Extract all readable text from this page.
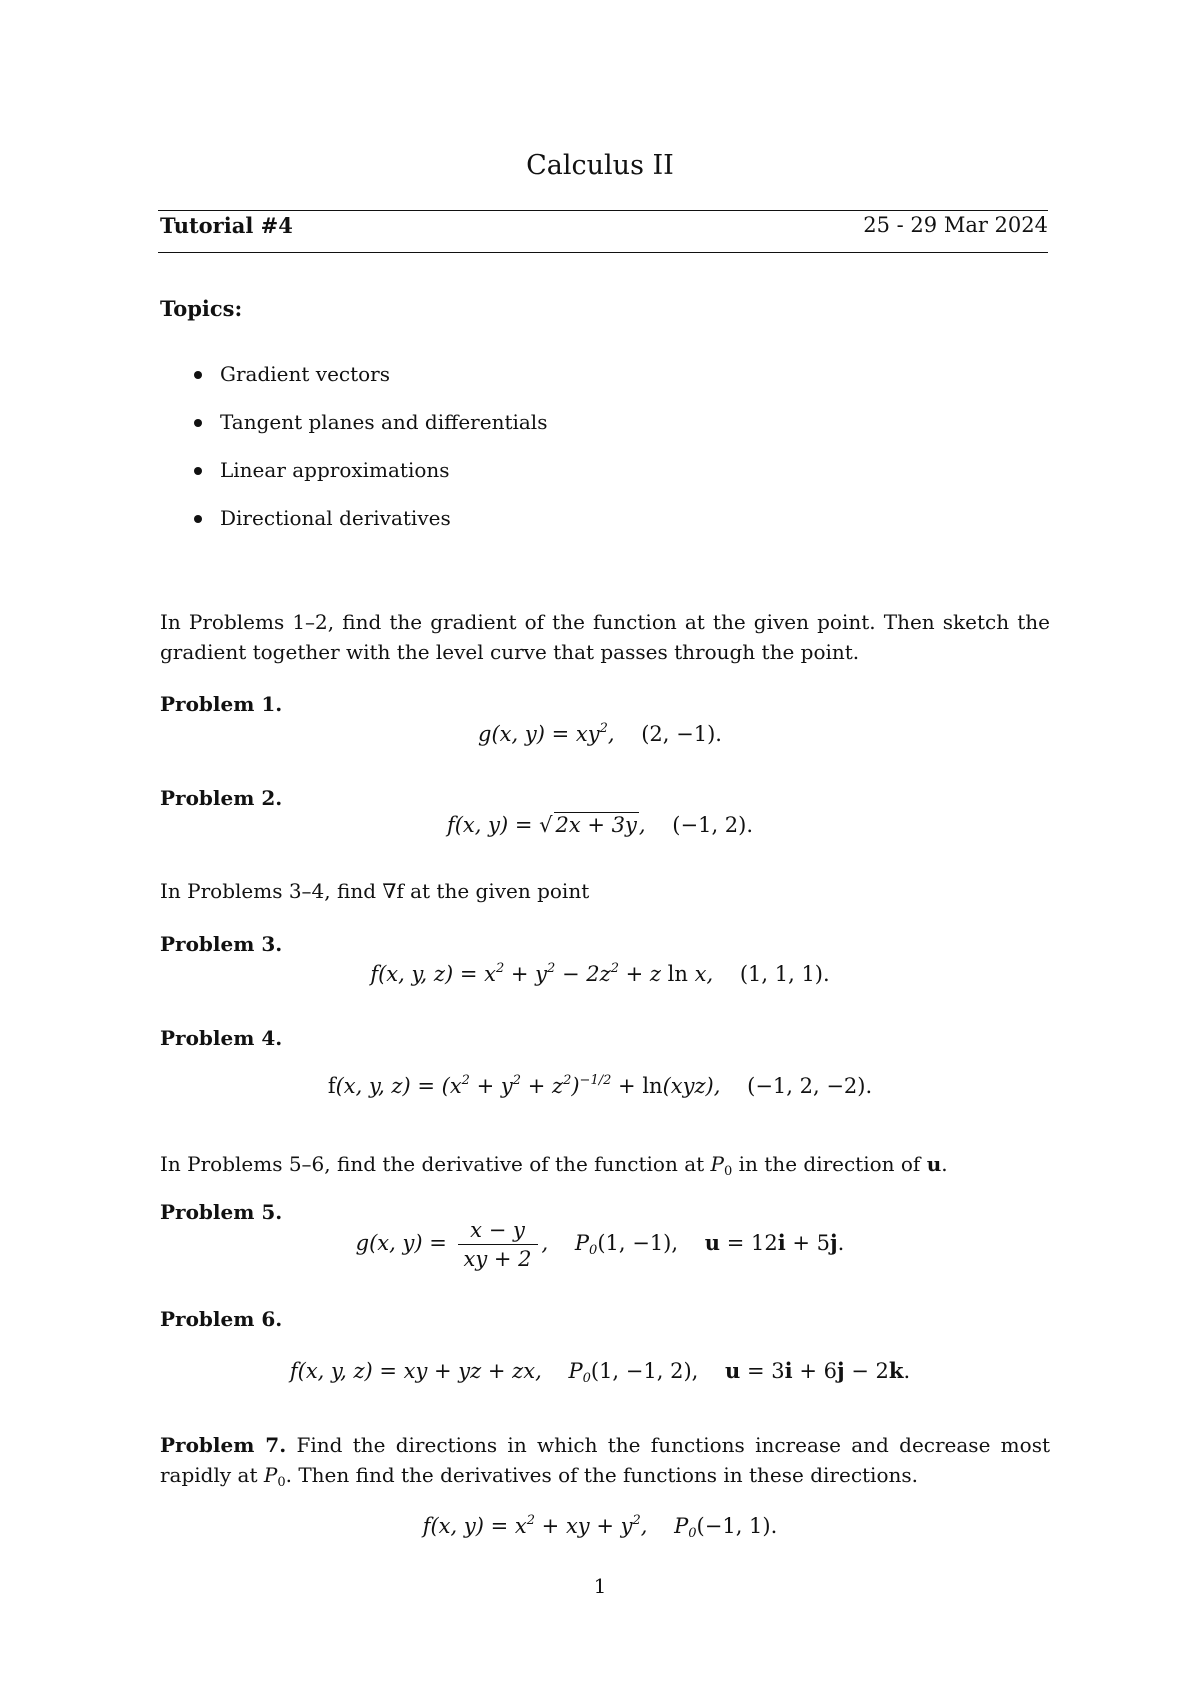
Calculus II
Tutorial #4	25 - 29 Mar 2024
Topics:
Gradient vectors
Tangent planes and differentials
Linear approximations
Directional derivatives
In Problems 1–2, find the gradient of the function at the given point. Then sketch the gradient together with the level curve that passes through the point.
Problem 1.
g(x, $y) = xy^2$,    (2, −1).
Problem 2.
f(x, y) = √ 2x + 3y,    (−1, 2).
In Problems 3–4, find ∇f at the given point
Problem 3.
f(x, y, $z) = x^2 + y^2 - 2z^2 + z$ ln x,    (1, 1, 1).
Problem 4.
f(x, y, $z) = (x^2 + y^2 + z^2)^{-1/2} + \ln(xyz)$,    (−1, 2, −2).
In Problems 5–6, find the derivative of the function at $P_0$ in the direction of u.
Problem 5.
g(x, $y) = \frac{x - y}{xy + 2}$ ,    $P_0(1$, −1), u = 12i + 5j.
Problem 6.
f(x, y, z) = xy + yz + zx,    $P_0(1$, −1, 2), u = 3i + 6j − 2k.
Problem 7. Find the directions in which the functions increase and decrease most rapidly at $P_0$. Then find the derivatives of the functions in these directions.
f(x, $y) = x^2$ + xy + $y^2$,    $P_0(-1$, 1).
1
